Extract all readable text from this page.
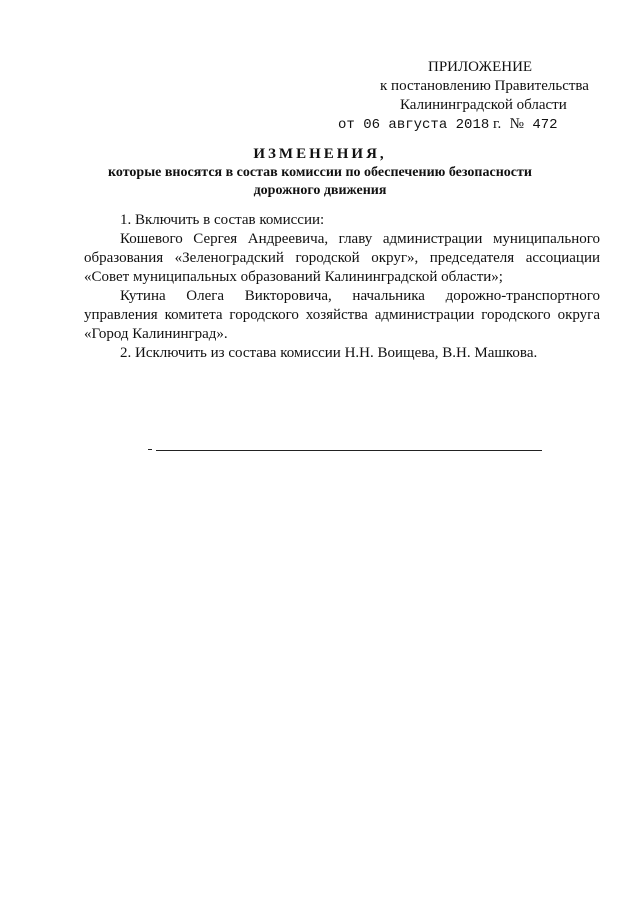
ПРИЛОЖЕНИЕ
к постановлению Правительства
Калининградской области
от 06 августа 2018 г. № 472
ИЗМЕНЕНИЯ,
которые вносятся в состав комиссии по обеспечению безопасности
дорожного движения
1. Включить в состав комиссии:
Кошевого Сергея Андреевича, главу администрации муниципального образования «Зеленоградский городской округ», председателя ассоциации «Совет муниципальных образований Калининградской области»;
Кутина Олега Викторовича, начальника дорожно-транспортного управления комитета городского хозяйства администрации городского округа «Город Калининград».
2. Исключить из состава комиссии Н.Н. Воищева, В.Н. Машкова.
